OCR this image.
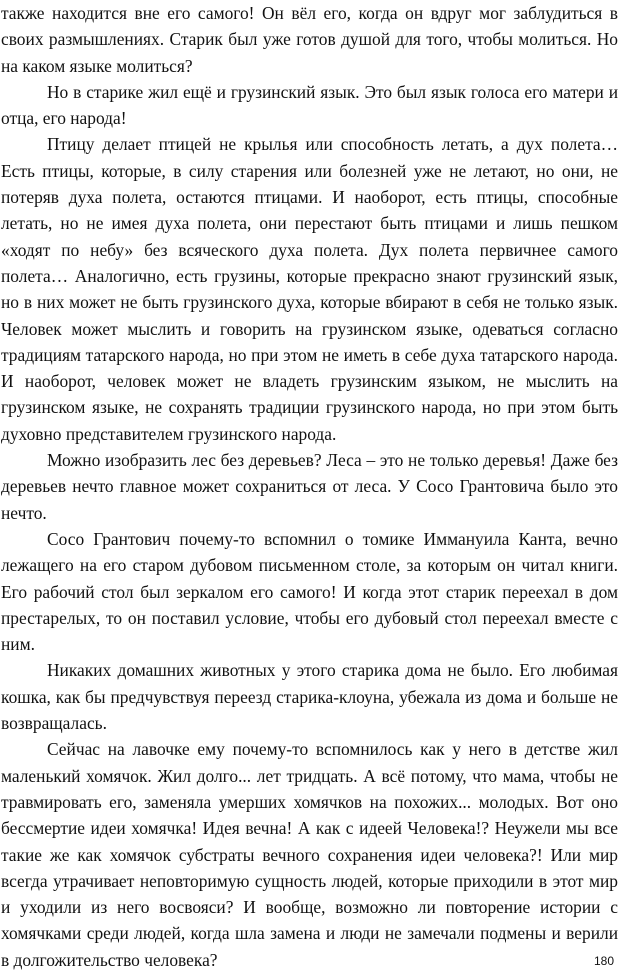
также находится вне его самого! Он вёл его, когда он вдруг мог заблудиться в своих размышлениях. Старик был уже готов душой для того, чтобы молиться. Но на каком языке молиться?

Но в старике жил ещё и грузинский язык. Это был язык голоса его матери и отца, его народа!

Птицу делает птицей не крылья или способность летать, а дух полета… Есть птицы, которые, в силу старения или болезней уже не летают, но они, не потеряв духа полета, остаются птицами. И наоборот, есть птицы, способные летать, но не имея духа полета, они перестают быть птицами и лишь пешком «ходят по небу» без всяческого духа полета. Дух полета первичнее самого полета… Аналогично, есть грузины, которые прекрасно знают грузинский язык, но в них может не быть грузинского духа, которые вбирают в себя не только язык. Человек может мыслить и говорить на грузинском языке, одеваться согласно традициям татарского народа, но при этом не иметь в себе духа татарского народа. И наоборот, человек может не владеть грузинским языком, не мыслить на грузинском языке, не сохранять традиции грузинского народа, но при этом быть духовно представителем грузинского народа.

Можно изобразить лес без деревьев? Леса – это не только деревья! Даже без деревьев нечто главное может сохраниться от леса. У Сосо Грантовича было это нечто.

Сосо Грантович почему-то вспомнил о томике Иммануила Канта, вечно лежащего на его старом дубовом письменном столе, за которым он читал книги. Его рабочий стол был зеркалом его самого! И когда этот старик переехал в дом престарелых, то он поставил условие, чтобы его дубовый стол переехал вместе с ним.

Никаких домашних животных у этого старика дома не было. Его любимая кошка, как бы предчувствуя переезд старика-клоуна, убежала из дома и больше не возвращалась.

Сейчас на лавочке ему почему-то вспомнилось как у него в детстве жил маленький хомячок. Жил долго... лет тридцать. А всё потому, что мама, чтобы не травмировать его, заменяла умерших хомячков на похожих... молодых. Вот оно бессмертие идеи хомячка! Идея вечна! А как с идеей Человека!? Неужели мы все такие же как хомячок субстраты вечного сохранения идеи человека?! Или мир всегда утрачивает неповторимую сущность людей, которые приходили в этот мир и уходили из него восвояси? И вообще, возможно ли повторение истории с хомячками среди людей, когда шла замена и люди не замечали подмены и верили в долгожительство человека?	180
